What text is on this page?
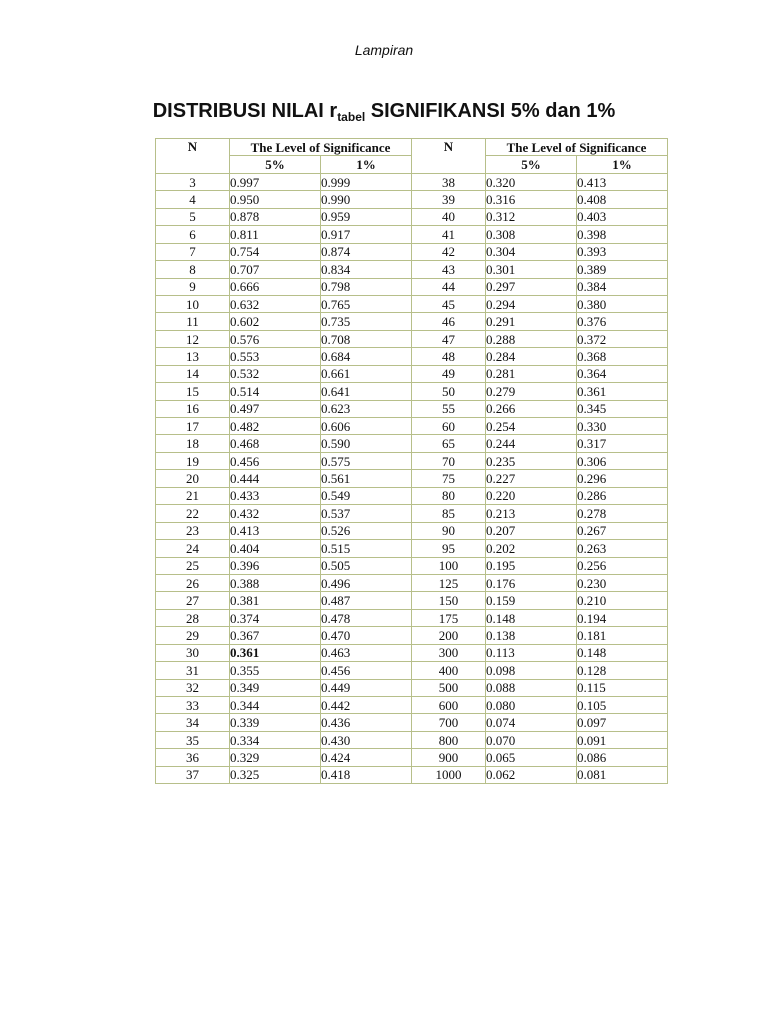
Lampiran
DISTRIBUSI NILAI $r_{tabel}$ SIGNIFIKANSI 5% dan 1%
N	The Level of Significance		N	The Level of Significance	
	5%	1%		5%	1%
3	0.997	0.999	38	0.320	0.413
4	0.950	0.990	39	0.316	0.408
5	0.878	0.959	40	0.312	0.403
6	0.811	0.917	41	0.308	0.398
7	0.754	0.874	42	0.304	0.393
8	0.707	0.834	43	0.301	0.389
9	0.666	0.798	44	0.297	0.384
10	0.632	0.765	45	0.294	0.380
11	0.602	0.735	46	0.291	0.376
12	0.576	0.708	47	0.288	0.372
13	0.553	0.684	48	0.284	0.368
14	0.532	0.661	49	0.281	0.364
15	0.514	0.641	50	0.279	0.361
16	0.497	0.623	55	0.266	0.345
17	0.482	0.606	60	0.254	0.330
18	0.468	0.590	65	0.244	0.317
19	0.456	0.575	70	0.235	0.306
20	0.444	0.561	75	0.227	0.296
21	0.433	0.549	80	0.220	0.286
22	0.432	0.537	85	0.213	0.278
23	0.413	0.526	90	0.207	0.267
24	0.404	0.515	95	0.202	0.263
25	0.396	0.505	100	0.195	0.256
26	0.388	0.496	125	0.176	0.230
27	0.381	0.487	150	0.159	0.210
28	0.374	0.478	175	0.148	0.194
29	0.367	0.470	200	0.138	0.181
30	0.361	0.463	300	0.113	0.148
31	0.355	0.456	400	0.098	0.128
32	0.349	0.449	500	0.088	0.115
33	0.344	0.442	600	0.080	0.105
34	0.339	0.436	700	0.074	0.097
35	0.334	0.430	800	0.070	0.091
36	0.329	0.424	900	0.065	0.086
37	0.325	0.418	1000	0.062	0.081
